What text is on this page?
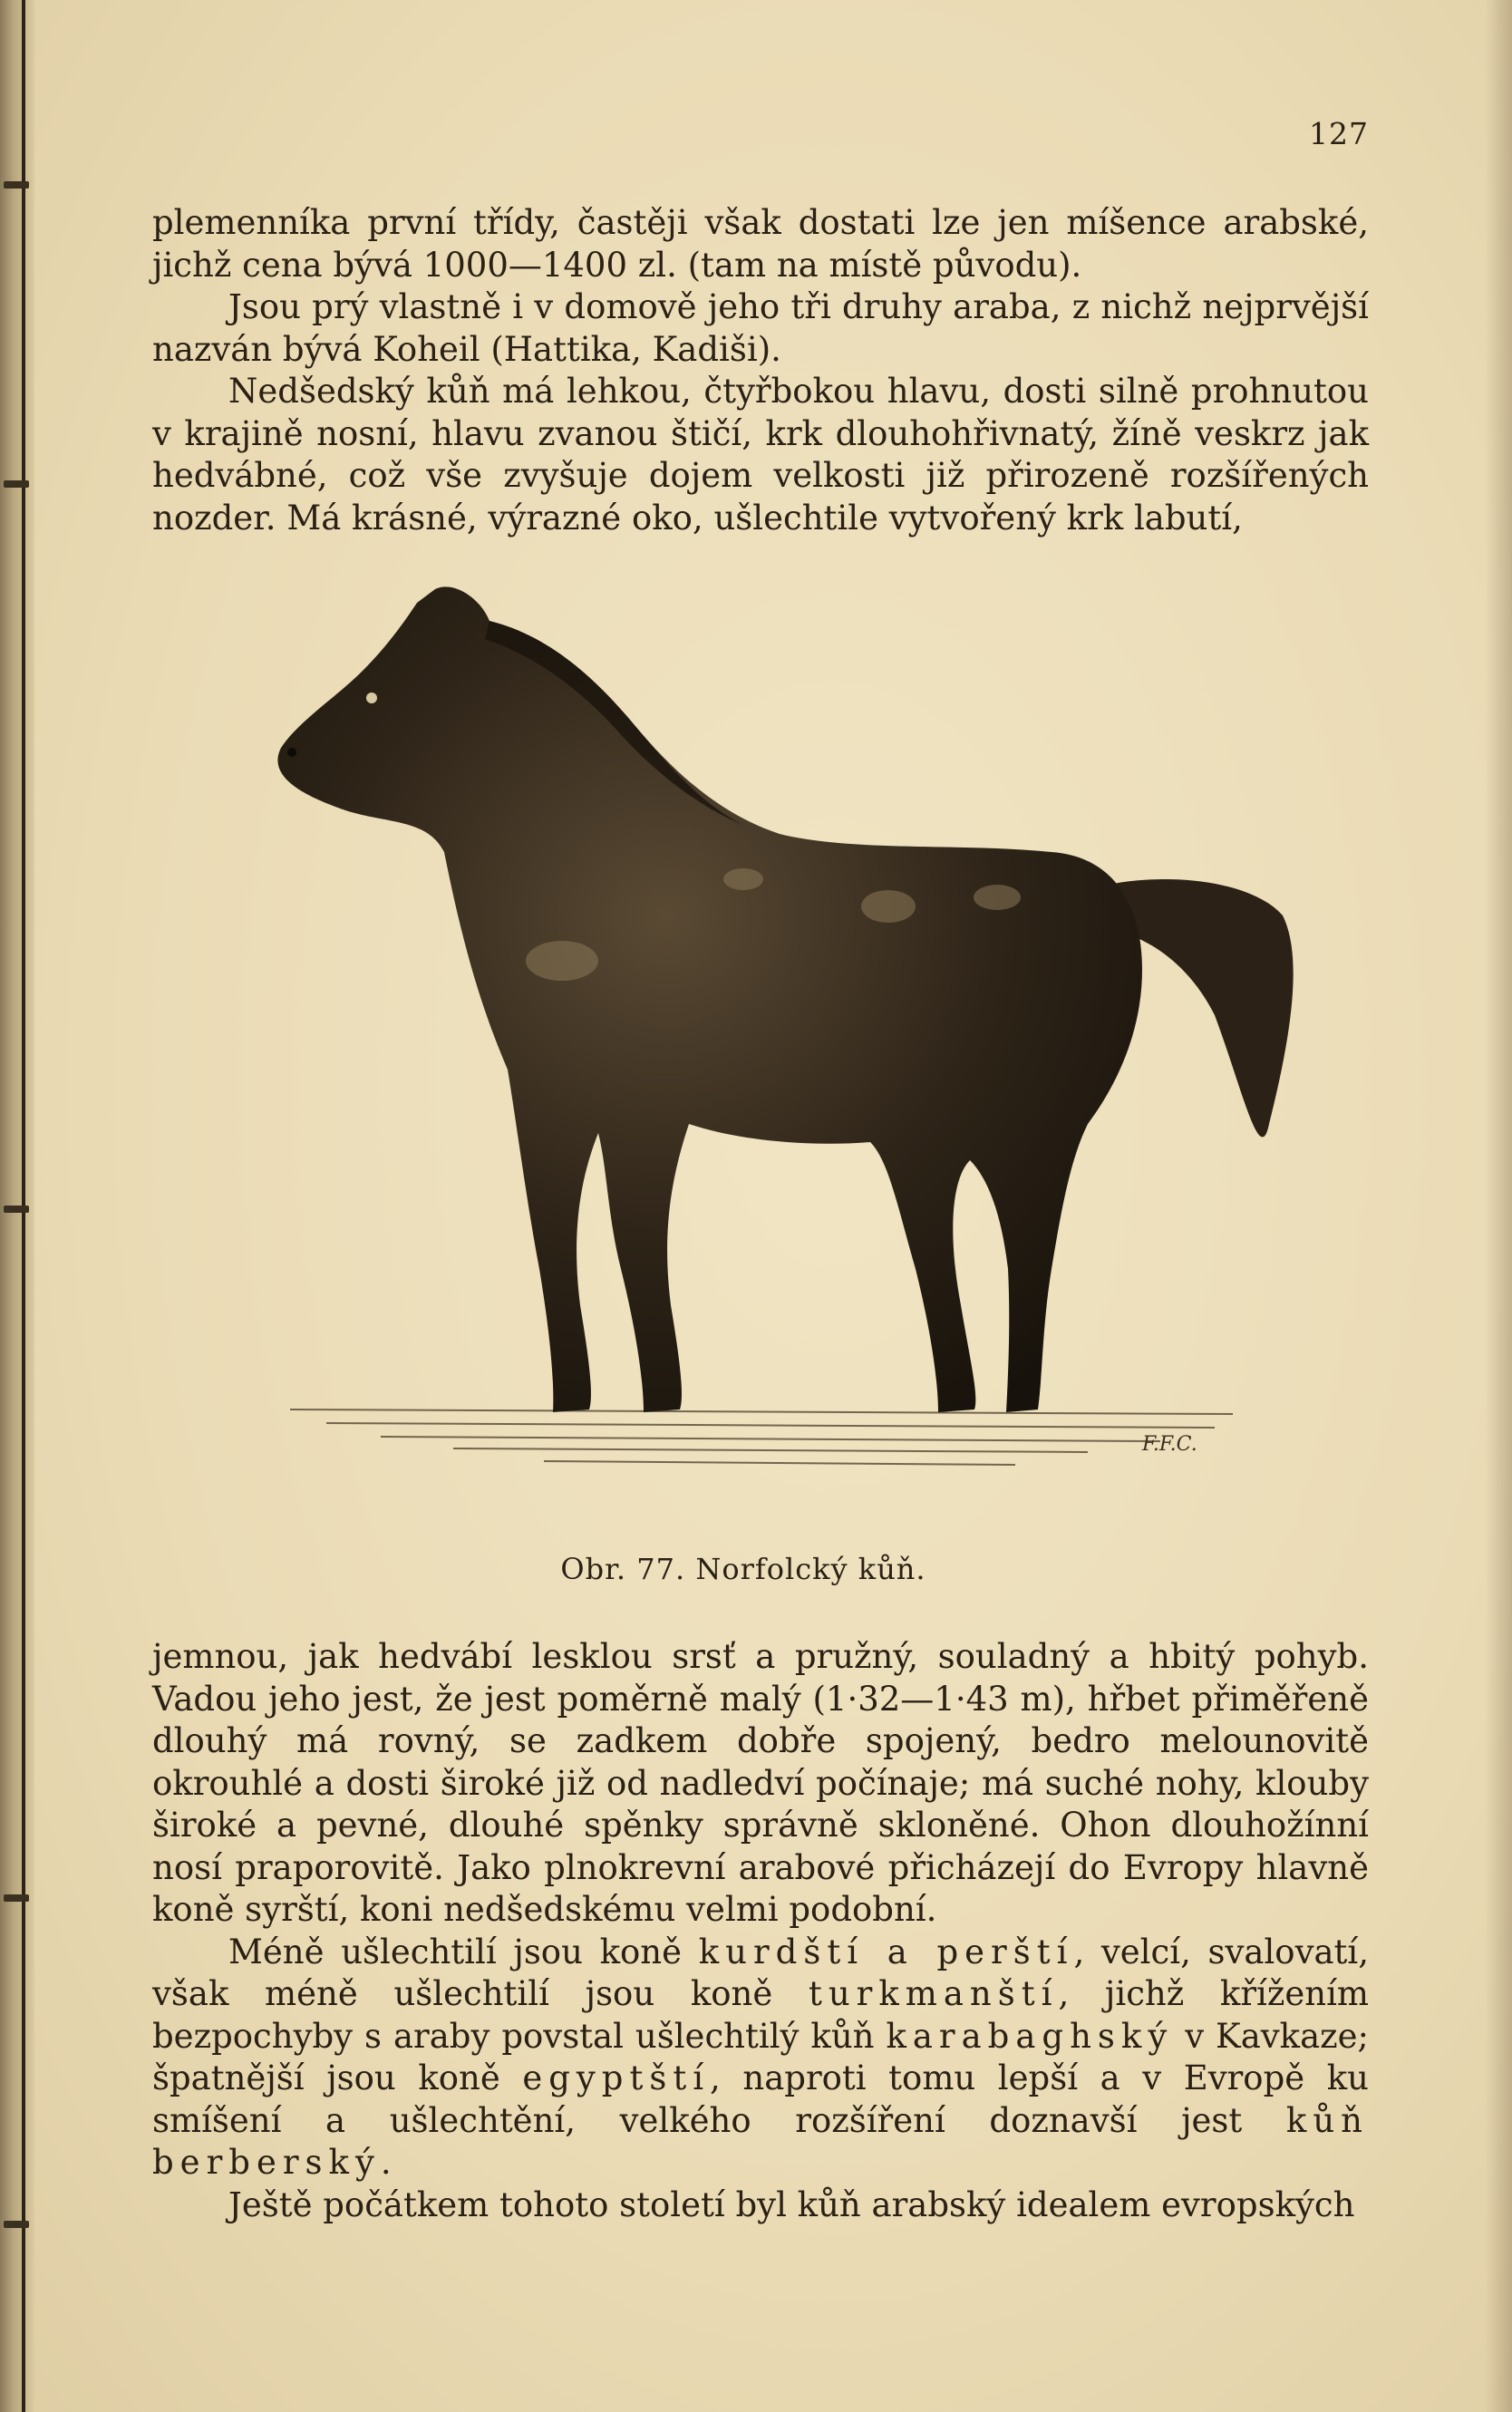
127

plemenníka první třídy, častěji však dostati lze jen míšence arabské, jichž cena bývá 1000—1400 zl. (tam na místě původu).

Jsou prý vlastně i v domově jeho tři druhy araba, z nichž nejprvější nazván bývá Koheil (Hattika, Kadiši).

Nedšedský kůň má lehkou, čtyřbokou hlavu, dosti silně prohnutou v krajině nosní, hlavu zvanou štičí, krk dlouhohřivnatý, žíně veskrz jak hedvábné, což vše zvyšuje dojem velkosti již přirozeně rozšířených nozder. Má krásné, výrazné oko, ušlechtile vytvořený krk labutí,

F.F.C.
Obr. 77. Norfolcký kůň.

jemnou, jak hedvábí lesklou srsť a pružný, souladný a hbitý pohyb. Vadou jeho jest, že jest poměrně malý (1·32—1·43 m), hřbet přiměřeně dlouhý má rovný, se zadkem dobře spojený, bedro melounovitě okrouhlé a dosti široké již od nadledví počínaje; má suché nohy, klouby široké a pevné, dlouhé spěnky správně skloněné. Ohon dlouhožínní nosí praporovitě. Jako plnokrevní arabové přicházejí do Evropy hlavně koně syrští, koni nedšedskému velmi podobní.

Méně ušlechtilí jsou koně kurdští a perští, velcí, svalovatí, však méně ušlechtilí jsou koně turkmanští, jichž křížením bezpochyby s araby povstal ušlechtilý kůň karabaghský v Kavkaze; špatnější jsou koně egyptští, naproti tomu lepší a v Evropě ku smíšení a ušlechtění, velkého rozšíření doznavší jest kůň berberský.

Ještě počátkem tohoto století byl kůň arabský idealem evropských
